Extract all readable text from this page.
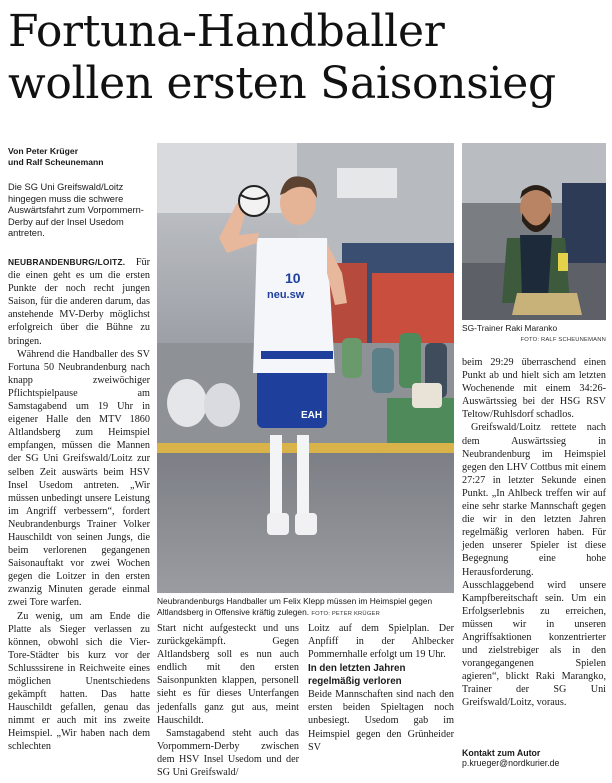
Fortuna-Handballer
wollen ersten Saisonsieg
Von Peter Krüger
und Ralf Scheunemann
Die SG Uni Greifswald/Loitz hingegen muss die schwere Auswärtsfahrt zum Vorpommern-Derby auf der Insel Usedom antreten.
EAH
10
neu.sw
Neubrandenburgs Handballer um Felix Klepp müssen im Heimspiel gegen Altlandsberg in Offensive kräftig zulegen. FOTO: PETER KRÜGER
SG-Trainer Raki Maranko
FOTO: RALF SCHEUNEMANN

NEUBRANDENBURG/LOITZ. Für die einen geht es um die ersten Punkte der noch recht jungen Saison, für die anderen darum, das anstehende MV-Derby möglichst erfolgreich über die Bühne zu bringen.

Während die Handballer des SV Fortuna 50 Neubrandenburg nach knapp zweiwöchiger Pflichtspielpause am Samstagabend um 19 Uhr in eigener Halle den MTV 1860 Altlandsberg zum Heimspiel empfangen, müssen die Mannen der SG Uni Greifswald/Loitz zur selben Zeit auswärts beim HSV Insel Usedom antreten. „Wir müssen unbedingt unsere Leistung im Angriff verbessern“, fordert Neubrandenburgs Trainer Volker Hauschildt von seinen Jungs, die beim verlorenen gegangenen Saisonauftakt vor zwei Wochen gegen die Loitzer in den ersten zwanzig Minuten gerade einmal zwei Tore warfen.

Zu wenig, um am Ende die Platte als Sieger verlassen zu können, obwohl sich die Vier-Tore-Städter bis kurz vor der Schlusssirene in Reichweite eines möglichen Unentschiedens gekämpft hatten. Das hatte Hauschildt gefallen, genau das nimmt er auch mit ins zweite Heimspiel. „Wir haben nach dem schlechten

Start nicht aufgesteckt und uns zurückgekämpft. Gegen Altlandsberg soll es nun auch endlich mit den ersten Saisonpunkten klappen, personell sieht es für dieses Unterfangen jedenfalls ganz gut aus, meint Hauschildt.

Samstagabend steht auch das Vorpommern-Derby zwischen dem HSV Insel Usedom und der SG Uni Greifswald/

Loitz auf dem Spielplan. Der Anpfiff in der Ahlbecker Pommernhalle erfolgt um 19 Uhr.

In den letzten Jahren
regelmäßig verloren

Beide Mannschaften sind nach den ersten beiden Spieltagen noch unbesiegt. Usedom gab im Heimspiel gegen den Grünheider SV

beim 29:29 überraschend einen Punkt ab und hielt sich am letzten Wochenende mit einem 34:26-Auswärtssieg bei der HSG RSV Teltow/Ruhlsdorf schadlos.

Greifswald/Loitz rettete nach dem Auswärtssieg in Neubrandenburg im Heimspiel gegen den LHV Cottbus mit einem 27:27 in letzter Sekunde einen Punkt. „In Ahlbeck treffen wir auf eine sehr starke Mannschaft gegen die wir in den letzten Jahren regelmäßig verloren haben. Für jeden unserer Spieler ist diese Begegnung eine hohe Herausforderung. Ausschlaggebend wird unsere Kampfbereitschaft sein. Um ein Erfolgserlebnis zu erreichen, müssen wir in unseren Angriffsaktionen konzentrierter und zielstrebiger als in den vorangegangenen Spielen agieren“, blickt Raki Marangko, Trainer der SG Uni Greifswald/Loitz, voraus.

Kontakt zum Autor
p.krueger@nordkurier.de
